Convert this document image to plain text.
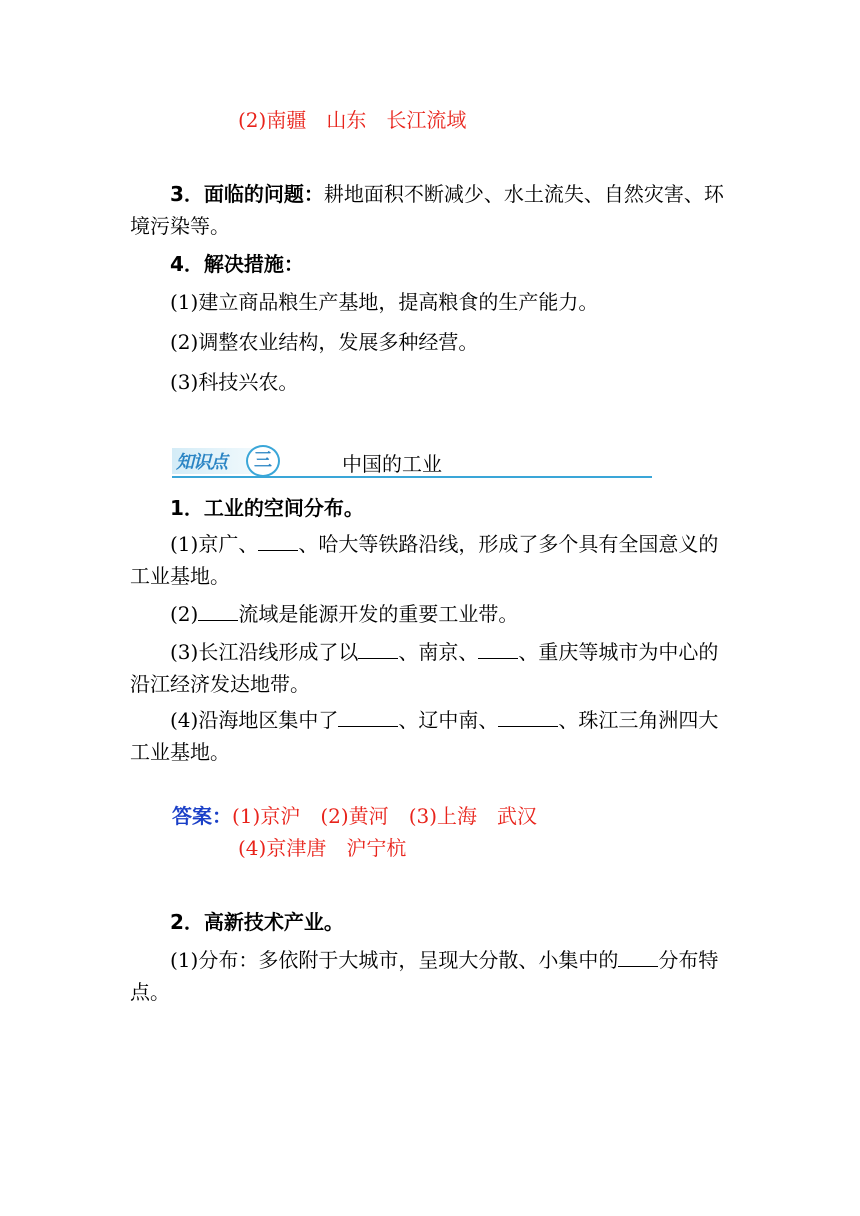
(2)南疆 山东 长江流域
3．面临的问题：耕地面积不断减少、水土流失、自然灾害、环境污染等。
4．解决措施：
(1)建立商品粮生产基地，提高粮食的生产能力。
(2)调整农业结构，发展多种经营。
(3)科技兴农。
知识点	三	中国的工业
1．工业的空间分布。
(1)京广、 、哈大等铁路沿线，形成了多个具有全国意义的工业基地。
(2) 流域是能源开发的重要工业带。
(3)长江沿线形成了以 、南京、 、重庆等城市为中心的沿江经济发达地带。
(4)沿海地区集中了	、辽中南、	、珠江三角洲四大工业基地。
答案：(1)京沪 (2)黄河 (3)上海 武汉
(4)京津唐 沪宁杭
2．高新技术产业。
(1)分布：多依附于大城市，呈现大分散、小集中的 分布特点。
